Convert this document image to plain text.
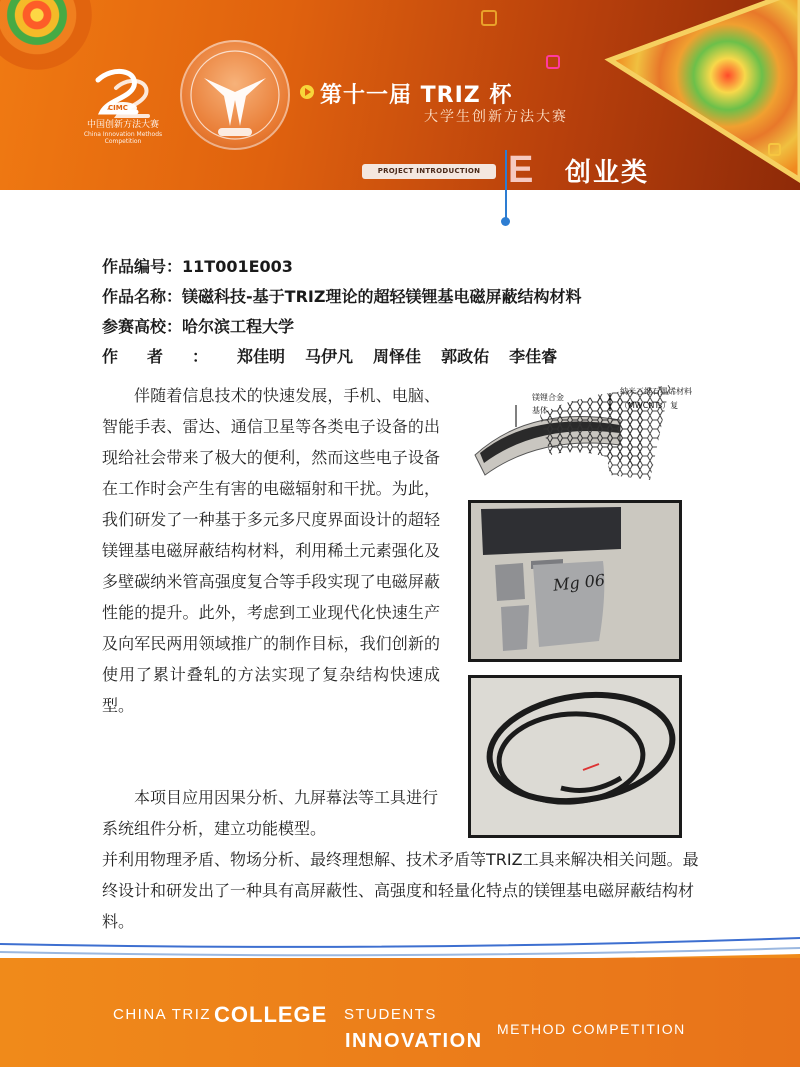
中国创新方法大赛
China Innovation Methods Competition
CIMC	第十一届 TRIZ 杯
大学生创新方法大赛
PROJECT INTRODUCTION E 创业类
作品编号：11T001E003
作品名称：镁磁科技-基于TRIZ理论的超轻镁锂基电磁屏蔽结构材料
参赛高校：哈尔滨工程大学
作者：郑佳明 马伊凡 周怿佳 郭政佑 李佳睿

伴随着信息技术的快速发展，手机、电脑、智能手表、雷达、通信卫星等各类电子设备的出现给社会带来了极大的便利，然而这些电子设备在工作时会产生有害的电磁辐射和干扰。为此，我们研发了一种基于多元多尺度界面设计的超轻镁锂基电磁屏蔽结构材料，利用稀土元素强化及多壁碳纳米管高强度复合等手段实现了电磁屏蔽性能的提升。此外，考虑到工业现代化快速生产及向军民两用领域推广的制作目标，我们创新的使用了累计叠轧的方法实现了复杂结构快速成型。

本项目应用因果分析、九屏幕法等工具进行系统组件分析，建立功能模型。

并利用物理矛盾、物场分析、最终理想解、技术矛盾等TRIZ工具来解决相关问题。最终设计和研发出了一种具有高屏蔽性、高强度和轻量化特点的镁锂基电磁屏蔽结构材料。

镁锂合金基体
纳米三维石墨烯材料（MWCNTs）复
Mg 06
CHINA TRIZ COLLEGE STUDENTS
INNOVATION
METHOD COMPETITION
